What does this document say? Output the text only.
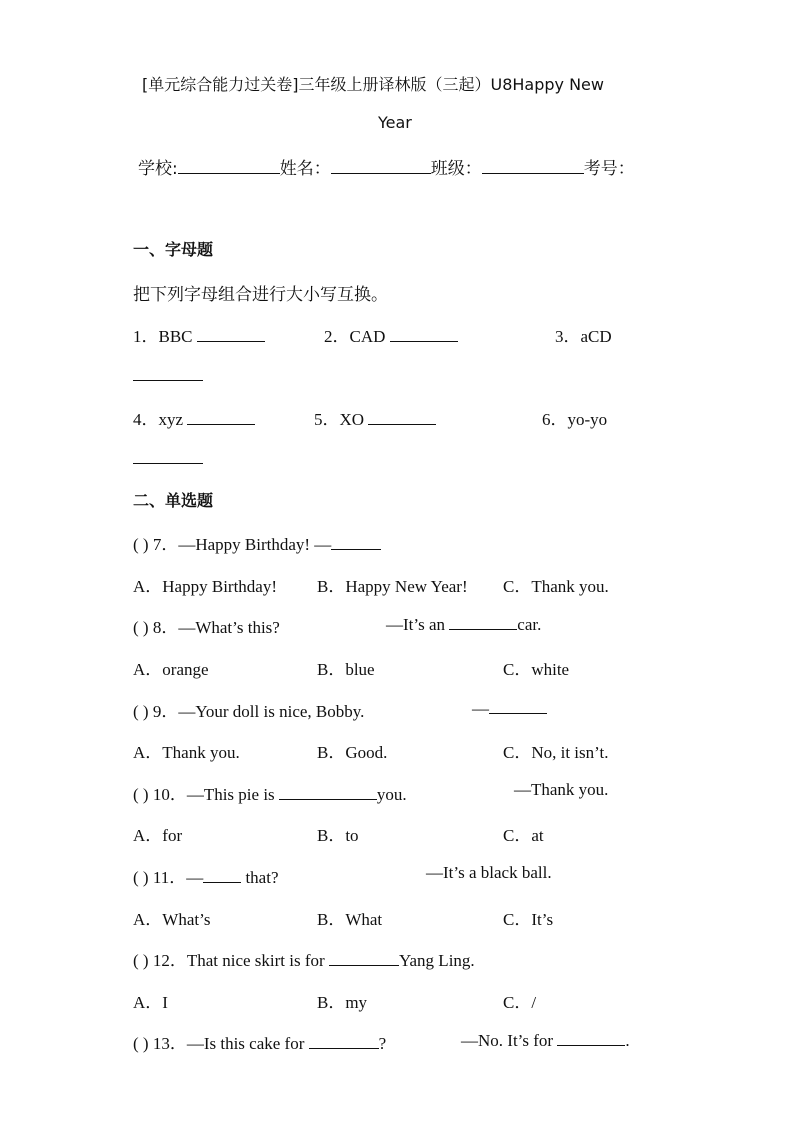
[单元综合能力过关卷]三年级上册译林版（三起）U8Happy New
Year
学校:	姓名：	班级：	考号：
一、字母题
把下列字母组合进行大小写互换。
1．BBC	2．CAD	3．aCD
4．xyz	5．XO	6．yo-yo
二、单选题
( ) 7．—Happy Birthday! —
A．Happy Birthday! B．Happy New Year! C．Thank you.
( ) 8．—What’s this?	—It’s an	car.
A．orange	B．blue	C．white
( ) 9．—Your doll is nice, Bobby.	—
A．Thank you.	B．Good.	C．No, it isn’t.
( ) 10．—This pie is	you.	—Thank you.
A．for	B．to	C．at
( ) 11．— that?	—It’s a black ball.
A．What’s	B．What	C．It’s
( ) 12．That nice skirt is for	Yang Ling.
A．I	B．my	C．/
( ) 13．—Is this cake for	?	—No. It’s for	.
